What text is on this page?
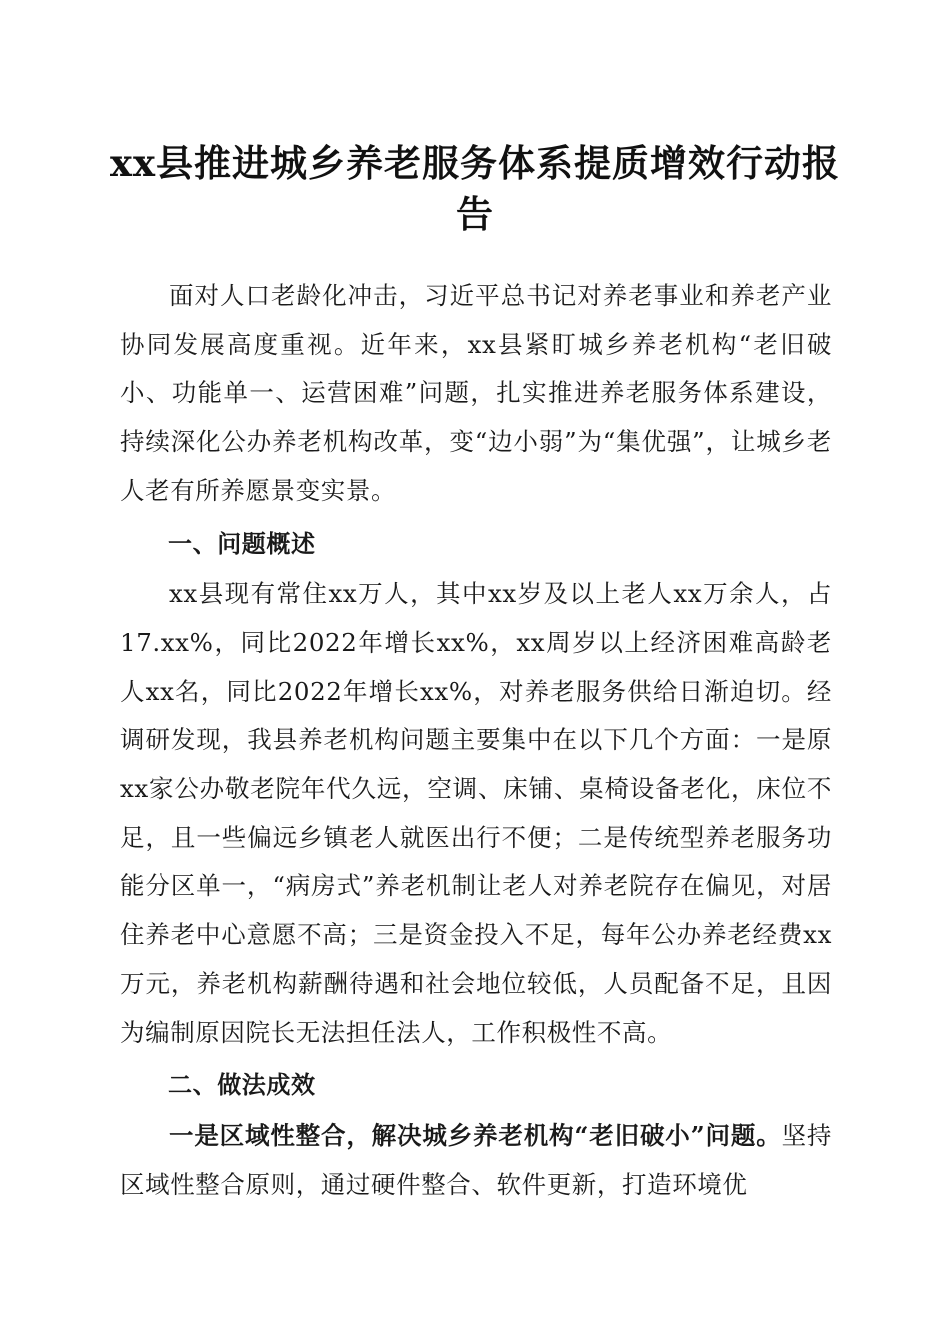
xx县推进城乡养老服务体系提质增效行动报告

面对人口老龄化冲击，习近平总书记对养老事业和养老产业协同发展高度重视。近年来，xx县紧盯城乡养老机构“老旧破小、功能单一、运营困难”问题，扎实推进养老服务体系建设，持续深化公办养老机构改革，变“边小弱”为“集优强”，让城乡老人老有所养愿景变实景。

一、问题概述

xx县现有常住xx万人，其中xx岁及以上老人xx万余人，占17.xx%，同比2022年增长xx%，xx周岁以上经济困难高龄老人xx名，同比2022年增长xx%，对养老服务供给日渐迫切。经调研发现，我县养老机构问题主要集中在以下几个方面：一是原xx家公办敬老院年代久远，空调、床铺、桌椅设备老化，床位不足，且一些偏远乡镇老人就医出行不便；二是传统型养老服务功能分区单一，“病房式”养老机制让老人对养老院存在偏见，对居住养老中心意愿不高；三是资金投入不足，每年公办养老经费xx万元，养老机构薪酬待遇和社会地位较低，人员配备不足，且因为编制原因院长无法担任法人，工作积极性不高。

二、做法成效

一是区域性整合，解决城乡养老机构“老旧破小”问题。坚持区域性整合原则，通过硬件整合、软件更新，打造环境优
